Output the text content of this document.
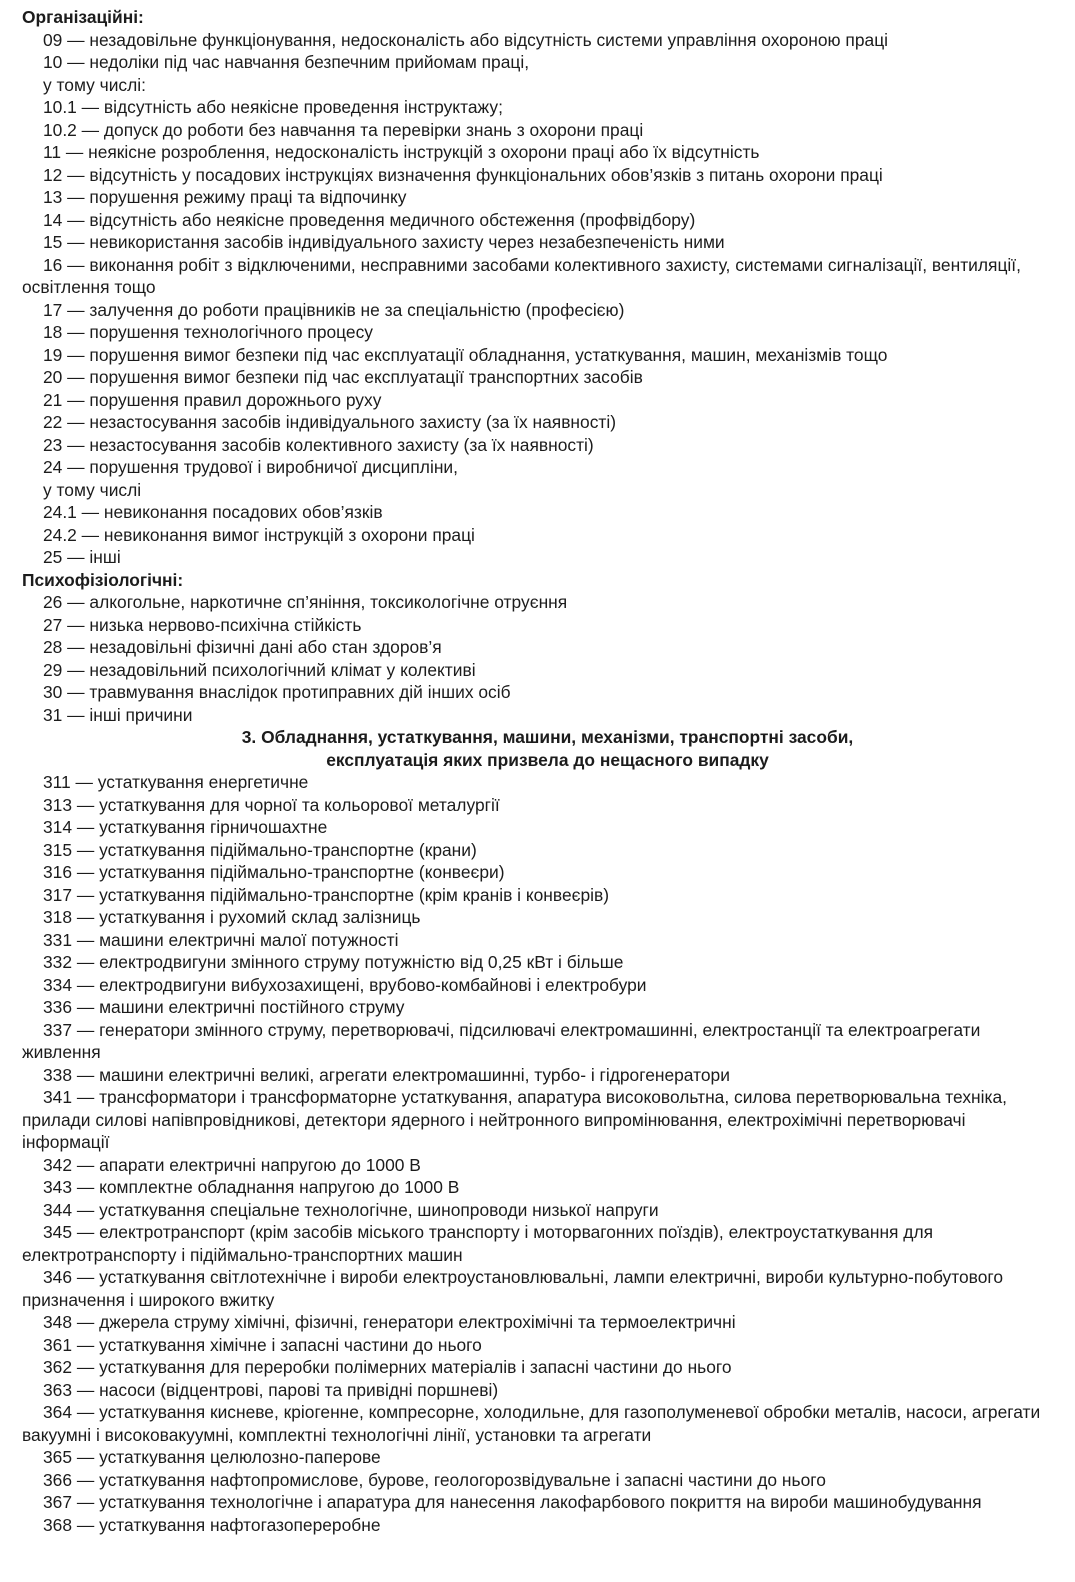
Організаційні:

09 — незадовільне функціонування, недосконалість або відсутність системи управління охороною праці

10 — недоліки під час навчання безпечним прийомам праці,

у тому числі:

10.1 — відсутність або неякісне проведення інструктажу;

10.2 — допуск до роботи без навчання та перевірки знань з охорони праці

11 — неякісне розроблення, недосконалість інструкцій з охорони праці або їх відсутність

12 — відсутність у посадових інструкціях визначення функціональних обов’язків з питань охорони праці

13 — порушення режиму праці та відпочинку

14 — відсутність або неякісне проведення медичного обстеження (профвідбору)

15 — невикористання засобів індивідуального захисту через незабезпеченість ними

16 — виконання робіт з відключеними, несправними засобами колективного захисту, системами сигналізації, вентиляції, освітлення тощо

17 — залучення до роботи працівників не за спеціальністю (професією)

18 — порушення технологічного процесу

19 — порушення вимог безпеки під час експлуатації обладнання, устаткування, машин, механізмів тощо

20 — порушення вимог безпеки під час експлуатації транспортних засобів

21 — порушення правил дорожнього руху

22 — незастосування засобів індивідуального захисту (за їх наявності)

23 — незастосування засобів колективного захисту (за їх наявності)

24 — порушення трудової і виробничої дисципліни,

у тому числі

24.1 — невиконання посадових обов’язків

24.2 — невиконання вимог інструкцій з охорони праці

25 — інші

Психофізіологічні:

26 — алкогольне, наркотичне сп’яніння, токсикологічне отруєння

27 — низька нервово-психічна стійкість

28 — незадовільні фізичні дані або стан здоров’я

29 — незадовільний психологічний клімат у колективі

30 — травмування внаслідок протиправних дій інших осіб

31 — інші причини

3. Обладнання, устаткування, машини, механізми, транспортні засоби,

експлуатація яких призвела до нещасного випадку

311 — устаткування енергетичне

313 — устаткування для чорної та кольорової металургії

314 — устаткування гірничошахтне

315 — устаткування підіймально-транспортне (крани)

316 — устаткування підіймально-транспортне (конвеєри)

317 — устаткування підіймально-транспортне (крім кранів і конвеєрів)

318 — устаткування і рухомий склад залізниць

331 — машини електричні малої потужності

332 — електродвигуни змінного струму потужністю від 0,25 кВт і більше

334 — електродвигуни вибухозахищені, врубово-комбайнові і електробури

336 — машини електричні постійного струму

337 — генератори змінного струму, перетворювачі, підсилювачі електромашинні, електростанції та електроагрегати живлення

338 — машини електричні великі, агрегати електромашинні, турбо- і гідрогенератори

341 — трансформатори і трансформаторне устаткування, апаратура високовольтна, силова перетворювальна техніка, прилади силові напівпровідникові, детектори ядерного і нейтронного випромінювання, електрохімічні перетворювачі інформації

342 — апарати електричні напругою до 1000 В

343 — комплектне обладнання напругою до 1000 В

344 — устаткування спеціальне технологічне, шинопроводи низької напруги

345 — електротранспорт (крім засобів міського транспорту і моторвагонних поїздів), електроустаткування для електротранспорту і підіймально-транспортних машин

346 — устаткування світлотехнічне і вироби електроустановлювальні, лампи електричні, вироби культурно-побутового призначення і широкого вжитку

348 — джерела струму хімічні, фізичні, генератори електрохімічні та термоелектричні

361 — устаткування хімічне і запасні частини до нього

362 — устаткування для переробки полімерних матеріалів і запасні частини до нього

363 — насоси (відцентрові, парові та привідні поршневі)

364 — устаткування кисневе, кріогенне, компресорне, холодильне, для газополуменевої обробки металів, насоси, агрегати вакуумні і високовакуумні, комплектні технологічні лінії, установки та агрегати

365 — устаткування целюлозно-паперове

366 — устаткування нафтопромислове, бурове, геологорозвідувальне і запасні частини до нього

367 — устаткування технологічне і апаратура для нанесення лакофарбового покриття на вироби машинобудування

368 — устаткування нафтогазопереробне
